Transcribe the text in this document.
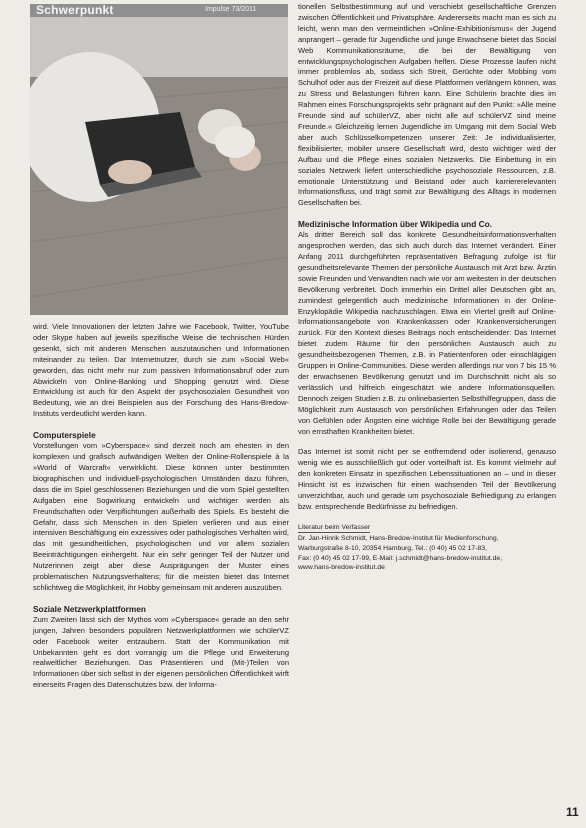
Schwerpunkt	Impulse 73/2011

wird. Viele Innovationen der letzten Jahre wie Facebook, Twitter, YouTube oder Skype haben auf jeweils spezifische Weise die technischen Hürden gesenkt, sich mit anderen Menschen auszutauschen und Informationen miteinander zu teilen. Dar Internetnutzer, durch sie zum »Social Web« geworden, das nicht mehr nur zum passiven Informationsabruf oder zum Abwickeln von Online-Banking und Shopping genutzt wird. Diese Entwicklung ist auch für den Aspekt der psychosozialen Gesundheit von Bedeutung, wie an drei Beispielen aus der Forschung des Hans-Bredow-Instituts verdeutlicht werden kann.

Computerspiele

Vorstellungen vom »Cyberspace« sind derzeit noch am ehesten in den komplexen und grafisch aufwändigen Welten der Online-Rollenspiele à la »World of Warcraft« verwirklicht. Diese können unter bestimmten biographischen und individuell-psychologischen Umständen dazu führen, dass die im Spiel geschlossenen Beziehungen und die vom Spiel gestellten Aufgaben eine Sogwirkung entwickeln und wichtiger werden als Freundschaften oder Verpflichtungen außerhalb des Spiels. Es besteht die Gefahr, dass sich Menschen in den Spielen verlieren und aus einer intensiven Beschäftigung ein exzessives oder pathologisches Verhalten wird, das mit gesundheitlichen, psychologischen und vor allem sozialen Beeinträchtigungen einhergeht. Nur ein sehr geringer Teil der Nutzer und Nutzerinnen zeigt aber diese Ausprägungen der Muster eines problematischen Nutzungsverhaltens; für die meisten bietet das Internet schlichtweg die Möglichkeit, ihr Hobby gemeinsam mit anderen auszuüben.

Soziale Netzwerkplattformen

Zum Zweiten lässt sich der Mythos vom »Cyberspace« gerade an den sehr jungen, Jahren besonders populären Netzwerkplattformen wie schülerVZ oder Facebook weiter entzaubern. Statt der Kommunikation mit Unbekannten geht es dort vorrangig um die Pflege und Erweiterung realweltlicher Beziehungen. Das Präsentieren und (Mit-)Teilen von Informationen über sich selbst in der eigenen persönlichen Öffentlichkeit wirft einerseits Fragen des Datenschutzes bzw. der Informa-

tionellen Selbstbestimmung auf und verschiebt gesellschaftliche Grenzen zwischen Öffentlichkeit und Privatsphäre. Andererseits macht man es sich zu leicht, wenn man den vermeintlichen »Online-Exhibitionismus« der Jugend anprangert – gerade für Jugendliche und junge Erwachsene bietet das Social Web Kommunikationsräume, die bei der Bewältigung von entwicklungspsychologischen Aufgaben helfen. Diese Prozesse laufen nicht immer problemlos ab, sodass sich Streit, Gerüchte oder Mobbing vom Schulhof oder aus der Freizeit auf diese Plattformen verlängern können, was zu Stress und Belastungen führen kann. Eine Schülerin brachte dies im Rahmen eines Forschungsprojekts sehr prägnant auf den Punkt: »Alle meine Freunde sind auf schülerVZ, aber nicht alle auf schülerVZ sind meine Freunde.« Gleichzeitig lernen Jugendliche im Umgang mit dem Social Web aber auch Schlüsselkompetenzen unserer Zeit: Je individualisierter, flexibilisierter, mobiler unsere Gesellschaft wird, desto wichtiger wird der Aufbau und die Pflege eines sozialen Netzwerks. Die Einbettung in ein soziales Netzwerk liefert unterschiedliche psychosoziale Ressourcen, z.B. emotionale Unterstützung und Beistand oder auch karriererelevanten Informationsfluss, und trägt somit zur Bewältigung des Alltags in modernen Gesellschaften bei.

Medizinische Information über Wikipedia und Co.

Als dritter Bereich soll das konkrete Gesundheitsinformationsverhalten angesprochen werden, das sich auch durch das Internet verändert. Einer Anfang 2011 durchgeführten repräsentativen Befragung zufolge ist für gesundheitsrelevante Themen der persönliche Austausch mit Arzt bzw. Ärztin sowie Freunden und Verwandten nach wie vor am weitesten in der deutschen Bevölkerung verbreitet. Doch immerhin ein Drittel aller Deutschen gibt an, zumindest gelegentlich auch medizinische Informationen in der Online-Enzyklopädie Wikipedia nachzuschlagen. Etwa ein Viertel greift auf Online-Informationsangebote von Krankenkassen oder Krankenversicherungen zurück. Für den Kontext dieses Beitrags noch entscheidender: Das Internet bietet zudem Räume für den persönlichen Austausch auch zu gesundheitsbezogenen Themen, z.B. in Patientenforen oder einschlägigen Gruppen in Online-Communities. Diese werden allerdings nur von 7 bis 15 % der erwachsenen Bevölkerung genutzt und im Durchschnitt nicht als so verlässlich und hilfreich eingeschätzt wie andere Informationsquellen. Dennoch zeigen Studien z.B. zu onlinebasierten Selbsthilfegruppen, dass die Möglichkeit zum Austausch von persönlichen Erfahrungen oder das Teilen von Gefühlen oder Ängsten eine wichtige Rolle bei der Bewältigung gerade von ernsthaften Krankheiten bietet.

Das Internet ist somit nicht per se entfremdend oder isolierend, genauso wenig wie es ausschließlich gut oder vorteilhaft ist. Es kommt vielmehr auf den konkreten Einsatz in spezifischen Lebenssituationen an – und in dieser Hinsicht ist es inzwischen für einen wachsenden Teil der Bevölkerung unverzichtbar, auch und gerade um psychosoziale Befriedigung zu erlangen bzw. entsprechende Bedürfnisse zu befriedigen.

Literatur beim Verfasser
Dr. Jan-Hinrik Schmidt, Hans-Bredow-Institut für Medienforschung,
Warburgstraße 8-10, 20354 Hamburg, Tel.: (0 40) 45 02 17-83,
Fax: (0 40) 45 02 17-99, E-Mail: j.schmidt@hans-bredow-institut.de,
www.hans-bredow-institut.de
11
